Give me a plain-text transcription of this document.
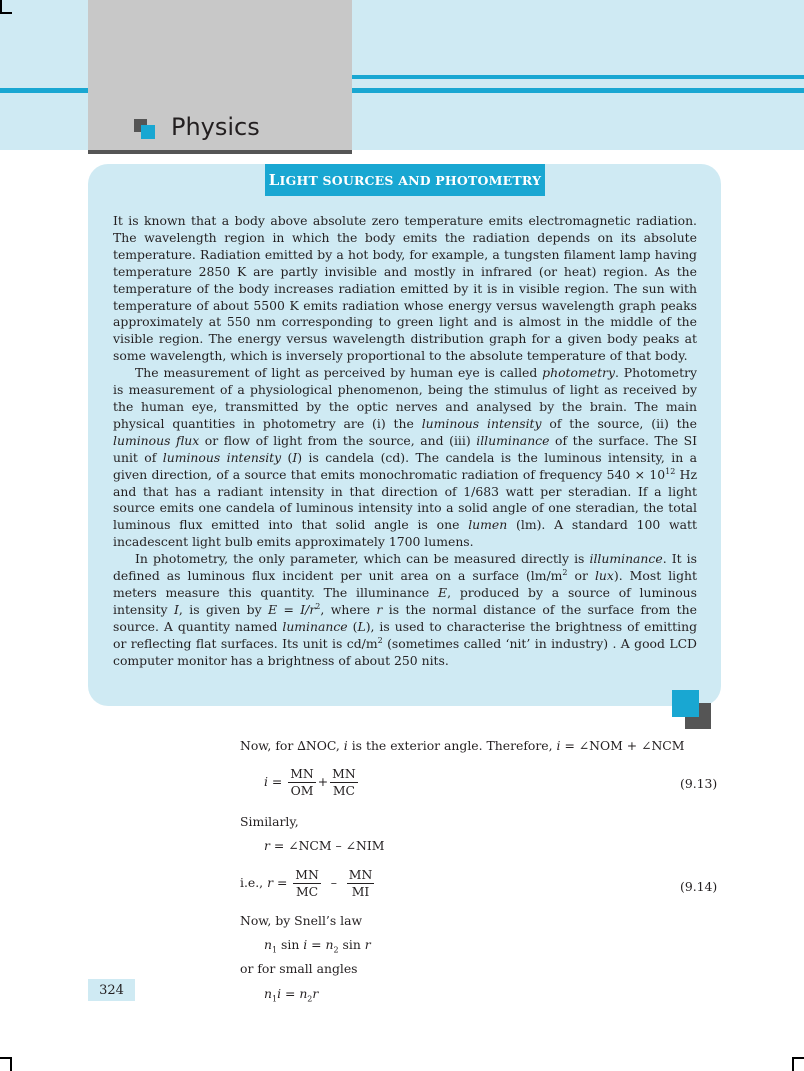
Physics
L IGHT SOURCES AND PHOTOMETRY

It is known that a body above absolute zero temperature emits electromagnetic radiation. The wavelength region in which the body emits the radiation depends on its absolute temperature. Radiation emitted by a hot body, for example, a tungsten filament lamp having temperature 2850 K are partly invisible and mostly in infrared (or heat) region. As the temperature of the body increases radiation emitted by it is in visible region. The sun with temperature of about 5500 K emits radiation whose energy versus wavelength graph peaks approximately at 550 nm corresponding to green light and is almost in the middle of the visible region. The energy versus wavelength distribution graph for a given body peaks at some wavelength, which is inversely proportional to the absolute temperature of that body.

The measurement of light as perceived by human eye is called photometry. Photometry is measurement of a physiological phenomenon, being the stimulus of light as received by the human eye, transmitted by the optic nerves and analysed by the brain. The main physical quantities in photometry are (i) the luminous intensity of the source, (ii) the luminous flux or flow of light from the source, and (iii) illuminance of the surface. The SI unit of luminous intensity (I) is candela (cd). The candela is the luminous intensity, in a given direction, of a source that emits monochromatic radiation of frequency $540 \times 10^{12}$ Hz and that has a radiant intensity in that direction of 1/683 watt per steradian. If a light source emits one candela of luminous intensity into a solid angle of one steradian, the total luminous flux emitted into that solid angle is one lumen (lm). A standard 100 watt incadescent light bulb emits approximately 1700 lumens.

In photometry, the only parameter, which can be measured directly is illuminance. It is defined as luminous flux incident per unit area on a surface ($lm/m^2$ or lux). Most light meters measure this quantity. The illuminance E, produced by a source of luminous intensity I, is given by $E = I/r^2$, where r is the normal distance of the surface from the source. A quantity named luminance (L), is used to characterise the brightness of emitting or reflecting flat surfaces. Its unit is $cd/m^2$ (sometimes called ‘nit’ in industry) . A good LCD computer monitor has a brightness of about 250 nits.

Now, for ∆NOC, i is the exterior angle. Therefore, i = ∠NOM + ∠NCM
$i = \frac{MN}{OM} + \frac{MN}{MC}$	(9.13)
Similarly,
r = ∠NCM – ∠NIM
i.e., $r = \frac{MN}{MC} - \frac{MN}{MI}$	(9.14)
Now, by Snell’s law
$n_1$ $\sin i = n_2$ sin r
or for small angles
$n_1i = n_2r$
324
